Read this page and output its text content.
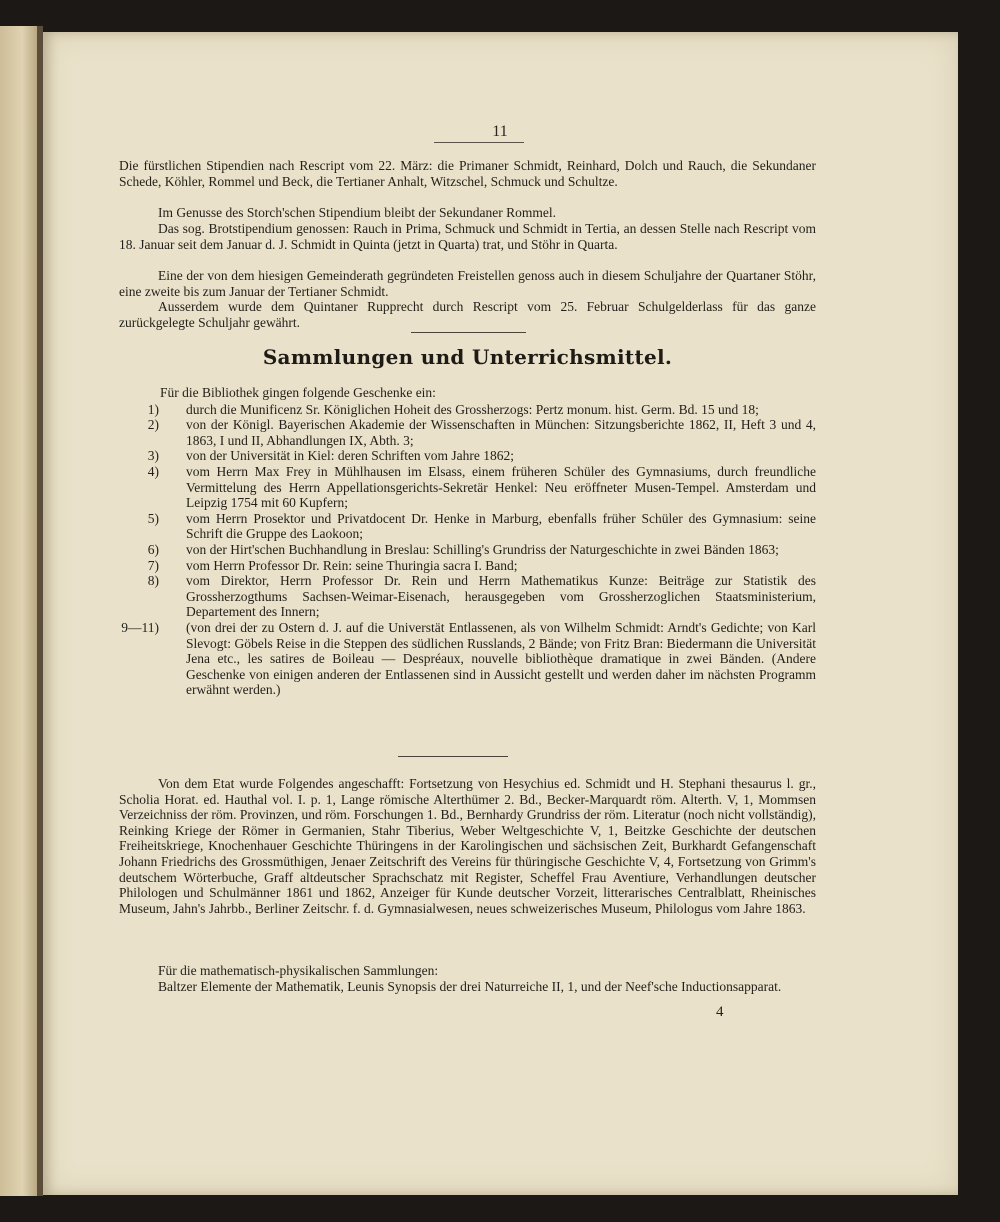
11

Die fürstlichen Stipendien nach Rescript vom 22. März: die Primaner Schmidt, Reinhard, Dolch und Rauch, die Sekundaner Schede, Köhler, Rommel und Beck, die Tertianer Anhalt, Witzschel, Schmuck und Schultze.

Im Genusse des Storch'schen Stipendium bleibt der Sekundaner Rommel.

Das sog. Brotstipendium genossen: Rauch in Prima, Schmuck und Schmidt in Tertia, an dessen Stelle nach Rescript vom 18. Januar seit dem Januar d. J. Schmidt in Quinta (jetzt in Quarta) trat, und Stöhr in Quarta.

Eine der von dem hiesigen Gemeinderath gegründeten Freistellen genoss auch in diesem Schuljahre der Quartaner Stöhr, eine zweite bis zum Januar der Tertianer Schmidt.

Ausserdem wurde dem Quintaner Rupprecht durch Rescript vom 25. Februar Schulgelderlass für das ganze zurückgelegte Schuljahr gewährt.

Sammlungen und Unterrichsmittel.

Für die Bibliothek gingen folgende Geschenke ein:

1) durch die Munificenz Sr. Königlichen Hoheit des Grossherzogs: Pertz monum. hist. Germ. Bd. 15 und 18;
2) von der Königl. Bayerischen Akademie der Wissenschaften in München: Sitzungsberichte 1862, II, Heft 3 und 4, 1863, I und II, Abhandlungen IX, Abth. 3;
3) von der Universität in Kiel: deren Schriften vom Jahre 1862;
4) vom Herrn Max Frey in Mühlhausen im Elsass, einem früheren Schüler des Gymnasiums, durch freundliche Vermittelung des Herrn Appellationsgerichts-Sekretär Henkel: Neu eröffneter Musen-Tempel. Amsterdam und Leipzig 1754 mit 60 Kupfern;
5) vom Herrn Prosektor und Privatdocent Dr. Henke in Marburg, ebenfalls früher Schüler des Gymnasium: seine Schrift die Gruppe des Laokoon;
6) von der Hirt'schen Buchhandlung in Breslau: Schilling's Grundriss der Naturgeschichte in zwei Bänden 1863;
7) vom Herrn Professor Dr. Rein: seine Thuringia sacra I. Band;
8) vom Direktor, Herrn Professor Dr. Rein und Herrn Mathematikus Kunze: Beiträge zur Statistik des Grossherzogthums Sachsen-Weimar-Eisenach, herausgegeben vom Grossherzoglichen Staatsministerium, Departement des Innern;
9—11) (von drei der zu Ostern d. J. auf die Universtät Entlassenen, als von Wilhelm Schmidt: Arndt's Gedichte; von Karl Slevogt: Göbels Reise in die Steppen des südlichen Russlands, 2 Bände; von Fritz Bran: Biedermann die Universität Jena etc., les satires de Boileau — Despréaux, nouvelle bibliothèque dramatique in zwei Bänden. (Andere Geschenke von einigen anderen der Entlassenen sind in Aussicht gestellt und werden daher im nächsten Programm erwähnt werden.)

Von dem Etat wurde Folgendes angeschafft: Fortsetzung von Hesychius ed. Schmidt und H. Stephani thesaurus l. gr., Scholia Horat. ed. Hauthal vol. I. p. 1, Lange römische Alterthümer 2. Bd., Becker-Marquardt röm. Alterth. V, 1, Mommsen Verzeichniss der röm. Provinzen, und röm. Forschungen 1. Bd., Bernhardy Grundriss der röm. Literatur (noch nicht vollständig), Reinking Kriege der Römer in Germanien, Stahr Tiberius, Weber Weltgeschichte V, 1, Beitzke Geschichte der deutschen Freiheitskriege, Knochenhauer Geschichte Thüringens in der Karolingischen und sächsischen Zeit, Burkhardt Gefangenschaft Johann Friedrichs des Grossmüthigen, Jenaer Zeitschrift des Vereins für thüringische Geschichte V, 4, Fortsetzung von Grimm's deutschem Wörterbuche, Graff altdeutscher Sprachschatz mit Register, Scheffel Frau Aventiure, Verhandlungen deutscher Philologen und Schulmänner 1861 und 1862, Anzeiger für Kunde deutscher Vorzeit, litterarisches Centralblatt, Rheinisches Museum, Jahn's Jahrbb., Berliner Zeitschr. f. d. Gymnasialwesen, neues schweizerisches Museum, Philologus vom Jahre 1863.

Für die mathematisch-physikalischen Sammlungen:

Baltzer Elemente der Mathematik, Leunis Synopsis der drei Naturreiche II, 1, und der Neef'sche Inductionsapparat.

4
